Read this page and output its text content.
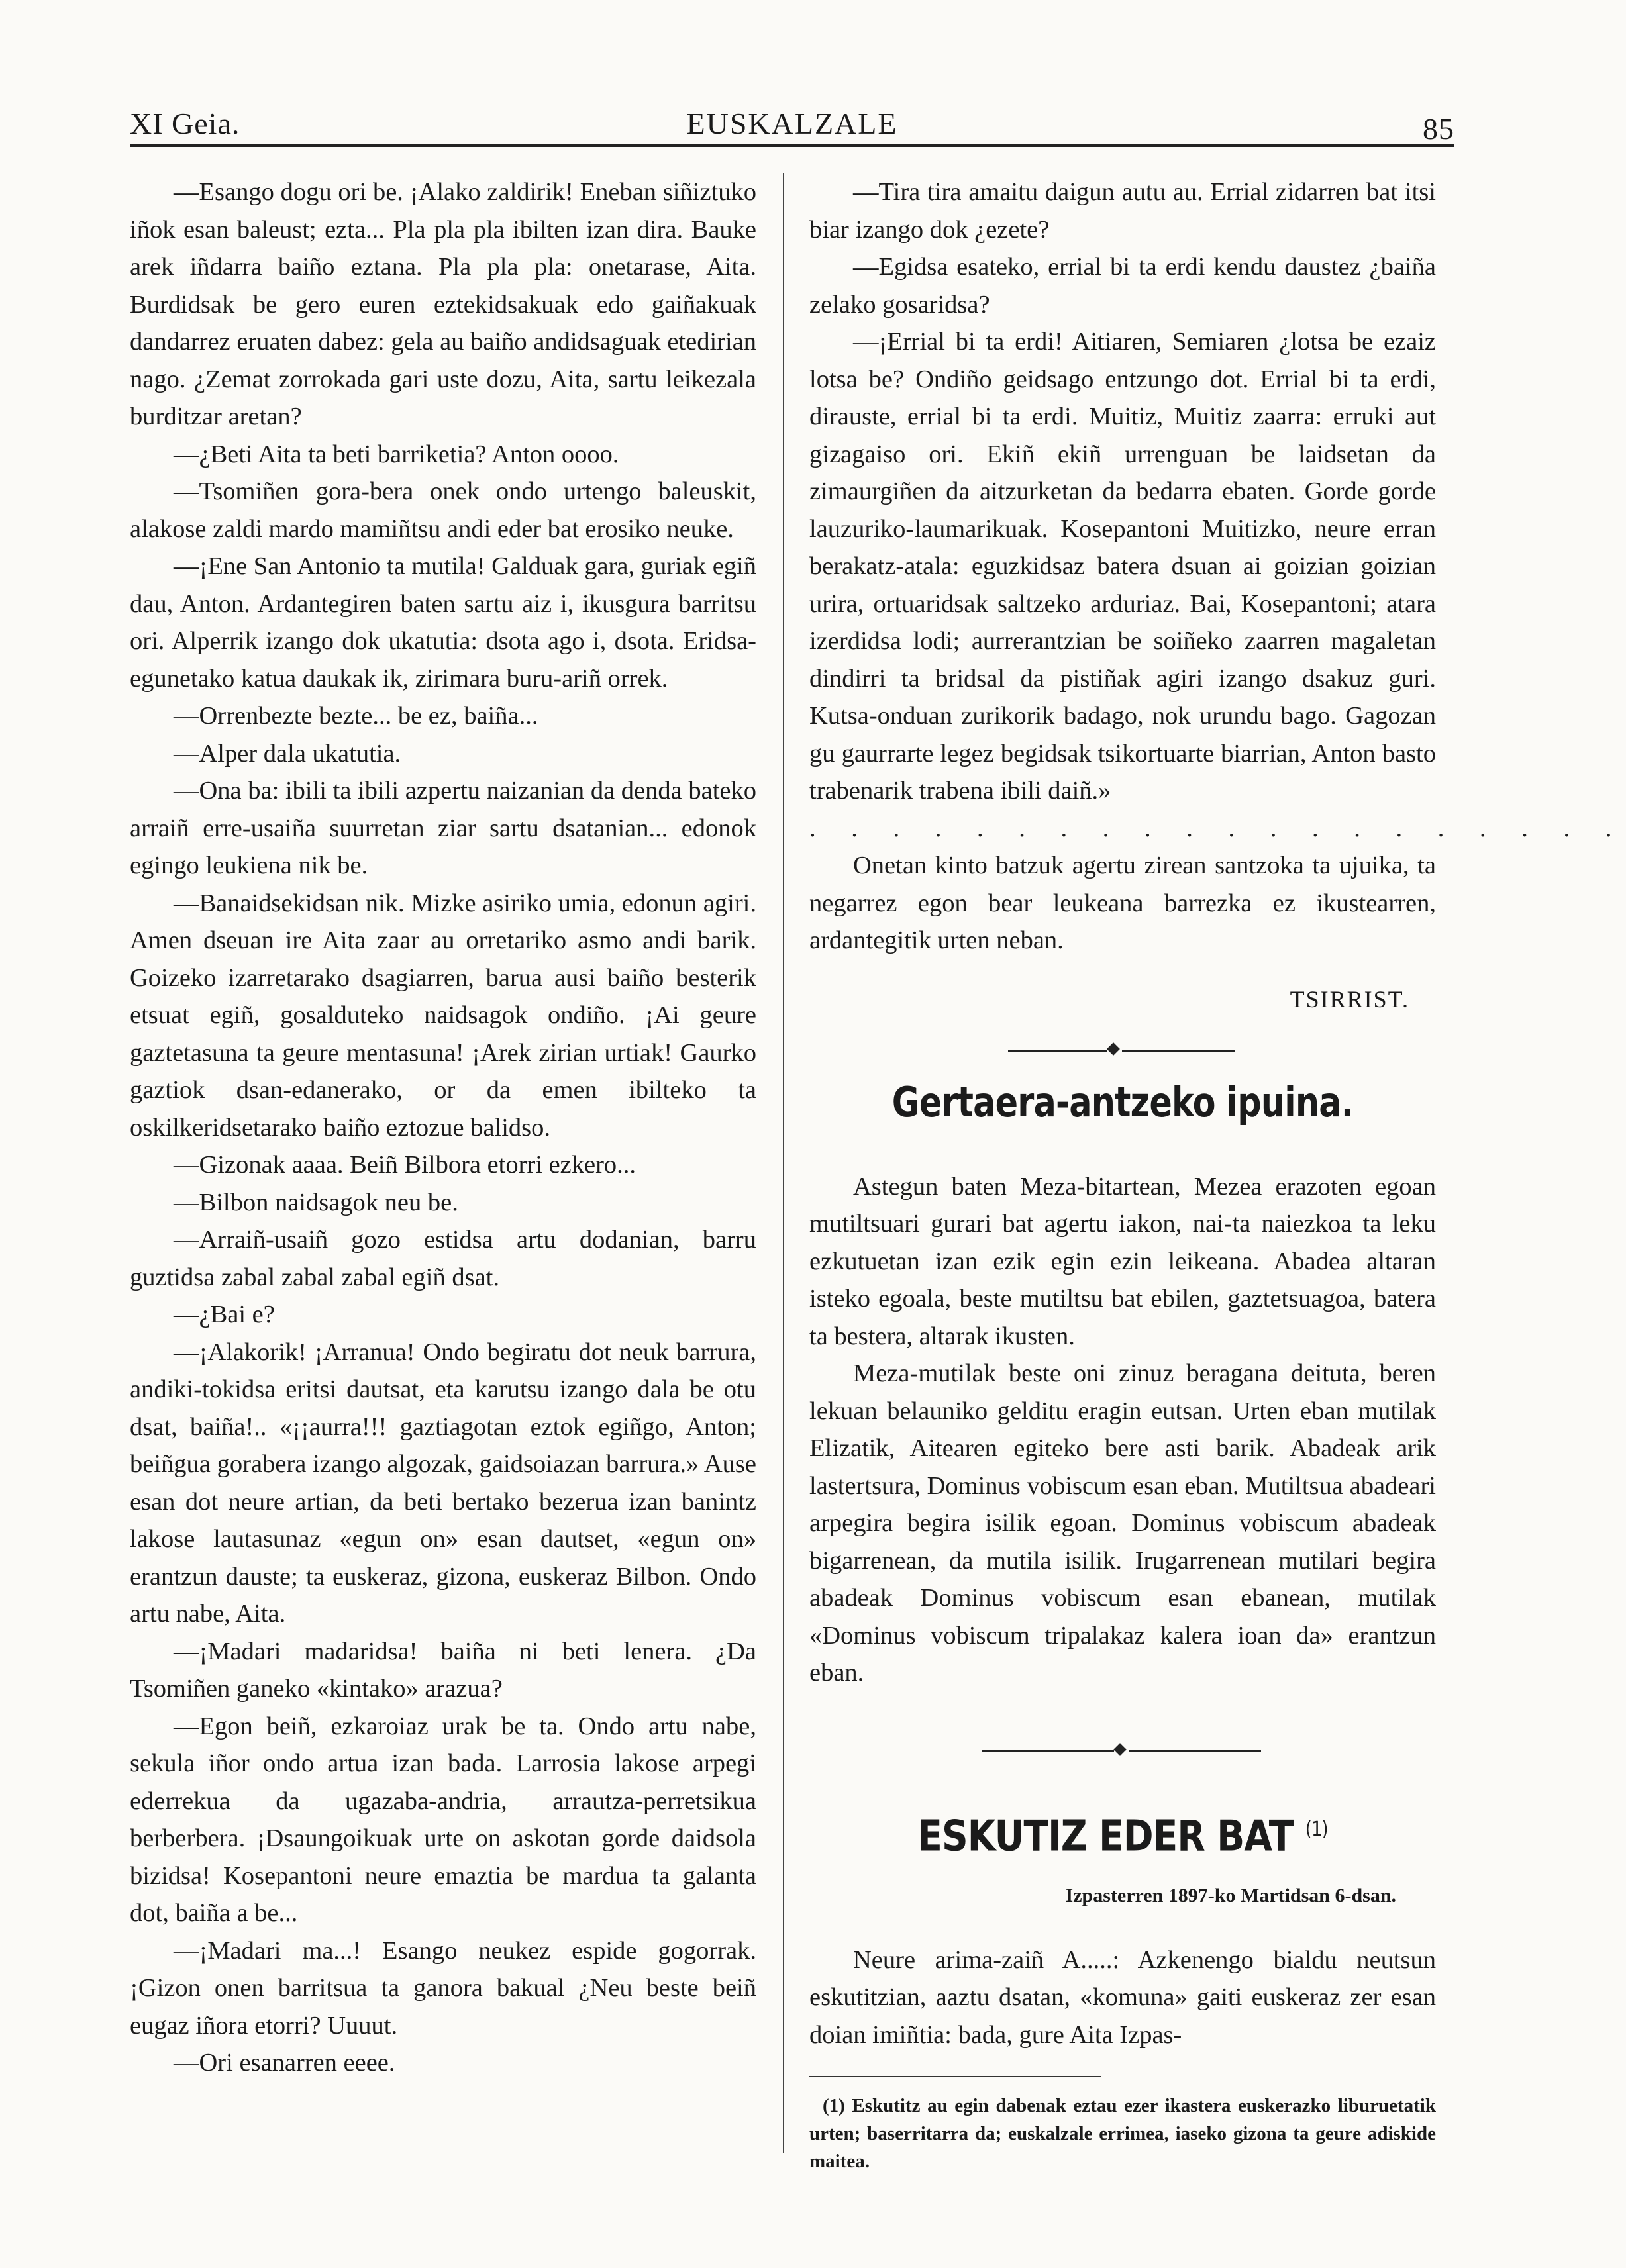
XI Geia.	EUSKALZALE	85

—Esango dogu ori be. ¡Alako zaldirik! Eneban siñiztuko iñok esan baleust; ezta... Pla pla pla ibilten izan dira. Bauke arek iñdarra baiño eztana. Pla pla pla: onetarase, Aita. Burdidsak be gero euren eztekidsakuak edo gaiñakuak dandarrez eruaten dabez: gela au baiño andidsaguak etedirian nago. ¿Zemat zorrokada gari uste dozu, Aita, sartu leikezala burditzar aretan?

—¿Beti Aita ta beti barriketia? Anton oooo.

—Tsomiñen gora-bera onek ondo urtengo baleuskit, alakose zaldi mardo mamiñtsu andi eder bat erosiko neuke.

—¡Ene San Antonio ta mutila! Galduak gara, guriak egiñ dau, Anton. Ardantegiren baten sartu aiz i, ikusgura barritsu ori. Alperrik izango dok ukatutia: dsota ago i, dsota. Eridsa-egunetako katua daukak ik, zirimara buru-ariñ orrek.

—Orrenbezte bezte... be ez, baiña...

—Alper dala ukatutia.

—Ona ba: ibili ta ibili azpertu naizanian da denda bateko arraiñ erre-usaiña suurretan ziar sartu dsatanian... edonok egingo leukiena nik be.

—Banaidsekidsan nik. Mizke asiriko umia, edonun agiri. Amen dseuan ire Aita zaar au orretariko asmo andi barik. Goizeko izarretarako dsagiarren, barua ausi baiño besterik etsuat egiñ, gosalduteko naidsagok ondiño. ¡Ai geure gaztetasuna ta geure mentasuna! ¡Arek zirian urtiak! Gaurko gaztiok dsan-edanerako, or da emen ibilteko ta oskilkeridsetarako baiño eztozue balidso.

—Gizonak aaaa. Beiñ Bilbora etorri ezkero...

—Bilbon naidsagok neu be.

—Arraiñ-usaiñ gozo estidsa artu dodanian, barru guztidsa zabal zabal zabal egiñ dsat.

—¿Bai e?

—¡Alakorik! ¡Arranua! Ondo begiratu dot neuk barrura, andiki-tokidsa eritsi dautsat, eta karutsu izango dala be otu dsat, baiña!.. «¡¡aurra!!! gaztiagotan eztok egiñgo, Anton; beiñgua gorabera izango algozak, gaidsoiazan barrura.» Ause esan dot neure artian, da beti bertako bezerua izan banintz lakose lautasunaz «egun on» esan dautset, «egun on» erantzun dauste; ta euskeraz, gizona, euskeraz Bilbon. Ondo artu nabe, Aita.

—¡Madari madaridsa! baiña ni beti lenera. ¿Da Tsomiñen ganeko «kintako» arazua?

—Egon beiñ, ezkaroiaz urak be ta. Ondo artu nabe, sekula iñor ondo artua izan bada. Larrosia lakose arpegi ederrekua da ugazaba-andria, arrautza-perretsikua berberbera. ¡Dsaungoikuak urte on askotan gorde daidsola bizidsa! Kosepantoni neure emaztia be mardua ta galanta dot, baiña a be...

—¡Madari ma...! Esango neukez espide gogorrak. ¡Gizon onen barritsua ta ganora bakual ¿Neu beste beiñ eugaz iñora etorri? Uuuut.

—Ori esanarren eeee.

—Tira tira amaitu daigun autu au. Errial zidarren bat itsi biar izango dok ¿ezete?

—Egidsa esateko, errial bi ta erdi kendu daustez ¿baiña zelako gosaridsa?

—¡Errial bi ta erdi! Aitiaren, Semiaren ¿lotsa be ezaiz lotsa be? Ondiño geidsago entzungo dot. Errial bi ta erdi, dirauste, errial bi ta erdi. Muitiz, Muitiz zaarra: erruki aut gizagaiso ori. Ekiñ ekiñ urrenguan be laidsetan da zimaurgiñen da aitzurketan da bedarra ebaten. Gorde gorde lauzuriko-laumarikuak. Kosepantoni Muitizko, neure erran berakatz-atala: eguzkidsaz batera dsuan ai goizian goizian urira, ortuaridsak saltzeko arduriaz. Bai, Kosepantoni; atara izerdidsa lodi; aurrerantzian be soiñeko zaarren magaletan dindirri ta bridsal da pistiñak agiri izango dsakuz guri. Kutsa-onduan zurikorik badago, nok urundu bago. Gagozan gu gaurrarte legez begidsak tsikortuarte biarrian, Anton basto trabenarik trabena ibili daiñ.»

. . . . . . . . . . . . . . . . . . . .

Onetan kinto batzuk agertu zirean santzoka ta ujuika, ta negarrez egon bear leukeana barrezka ez ikustearren, ardantegitik urten neban.

TSIRRIST.

Gertaera-antzeko ipuina.

Astegun baten Meza-bitartean, Mezea erazoten egoan mutiltsuari gurari bat agertu iakon, nai-ta naiezkoa ta leku ezkutuetan izan ezik egin ezin leikeana. Abadea altaran isteko egoala, beste mutiltsu bat ebilen, gaztetsuagoa, batera ta bestera, altarak ikusten.

Meza-mutilak beste oni zinuz beragana deituta, beren lekuan belauniko gelditu eragin eutsan. Urten eban mutilak Elizatik, Aitearen egiteko bere asti barik. Abadeak arik lastertsura, Dominus vobiscum esan eban. Mutiltsua abadeari arpegira begira isilik egoan. Dominus vobiscum abadeak bigarrenean, da mutila isilik. Irugarrenean mutilari begira abadeak Dominus vobiscum esan ebanean, mutilak «Dominus vobiscum tripalakaz kalera ioan da» erantzun eban.

ESKUTIZ EDER BAT $^{(1)}$
Izpasterren 1897-ko Martidsan 6-dsan.

Neure arima-zaiñ A.....: Azkenengo bialdu neutsun eskutitzian, aaztu dsatan, «komuna» gaiti euskeraz zer esan doian imiñtia: bada, gure Aita Izpas-

(1) Eskutitz au egin dabenak eztau ezer ikastera euskerazko liburuetatik urten; baserritarra da; euskalzale errimea, iaseko gizona ta geure adiskide maitea.
